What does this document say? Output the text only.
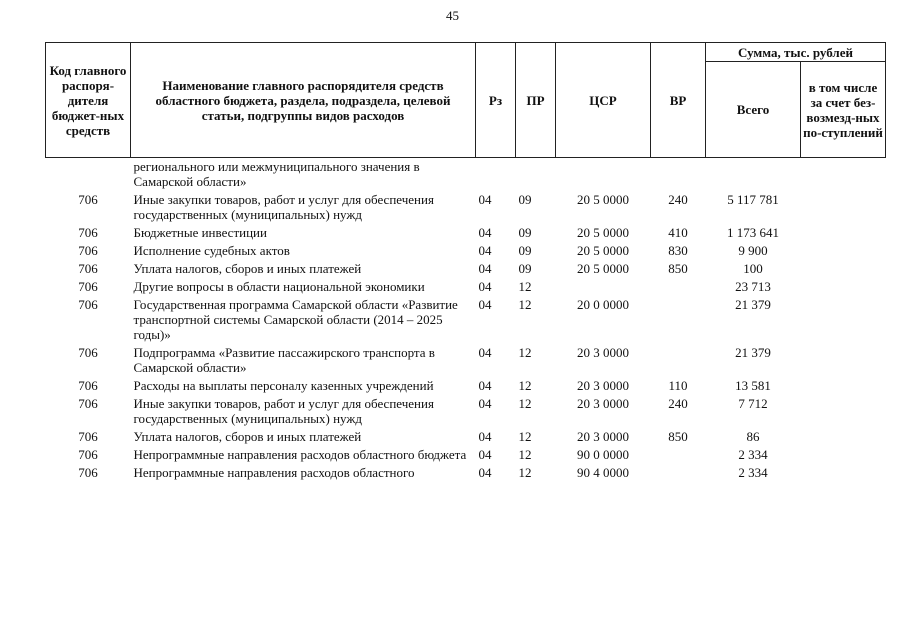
45
Код главного распоря-дителя бюджет-ных средств	Наименование главного распорядителя средств областного бюджета, раздела, подраздела, целевой статьи, подгруппы видов расходов	Рз	ПР	ЦСР	ВР	Сумма, тыс. рублей	
						Всего	в том числе за счет без-возмезд-ных по-ступлений
	регионального или межмуниципального значения в Самарской области»						
706	Иные закупки товаров, работ и услуг для обеспечения государственных (муниципальных) нужд	04	09	20 5 0000	240	5 117 781	
706	Бюджетные инвестиции	04	09	20 5 0000	410	1 173 641	
706	Исполнение судебных актов	04	09	20 5 0000	830	9 900	
706	Уплата налогов, сборов и иных платежей	04	09	20 5 0000	850	100	
706	Другие вопросы в области национальной экономики	04	12			23 713	
706	Государственная программа Самарской области «Развитие транспортной системы Самарской области (2014 – 2025 годы)»	04	12	20 0 0000		21 379	
706	Подпрограмма «Развитие пассажирского транспорта в Самарской области»	04	12	20 3 0000		21 379	
706	Расходы на выплаты персоналу казенных учреждений	04	12	20 3 0000	110	13 581	
706	Иные закупки товаров, работ и услуг для обеспечения государственных (муниципальных) нужд	04	12	20 3 0000	240	7 712	
706	Уплата налогов, сборов и иных платежей	04	12	20 3 0000	850	86	
706	Непрограммные направления расходов областного бюджета	04	12	90 0 0000		2 334	
706	Непрограммные направления расходов областного	04	12	90 4 0000		2 334	
